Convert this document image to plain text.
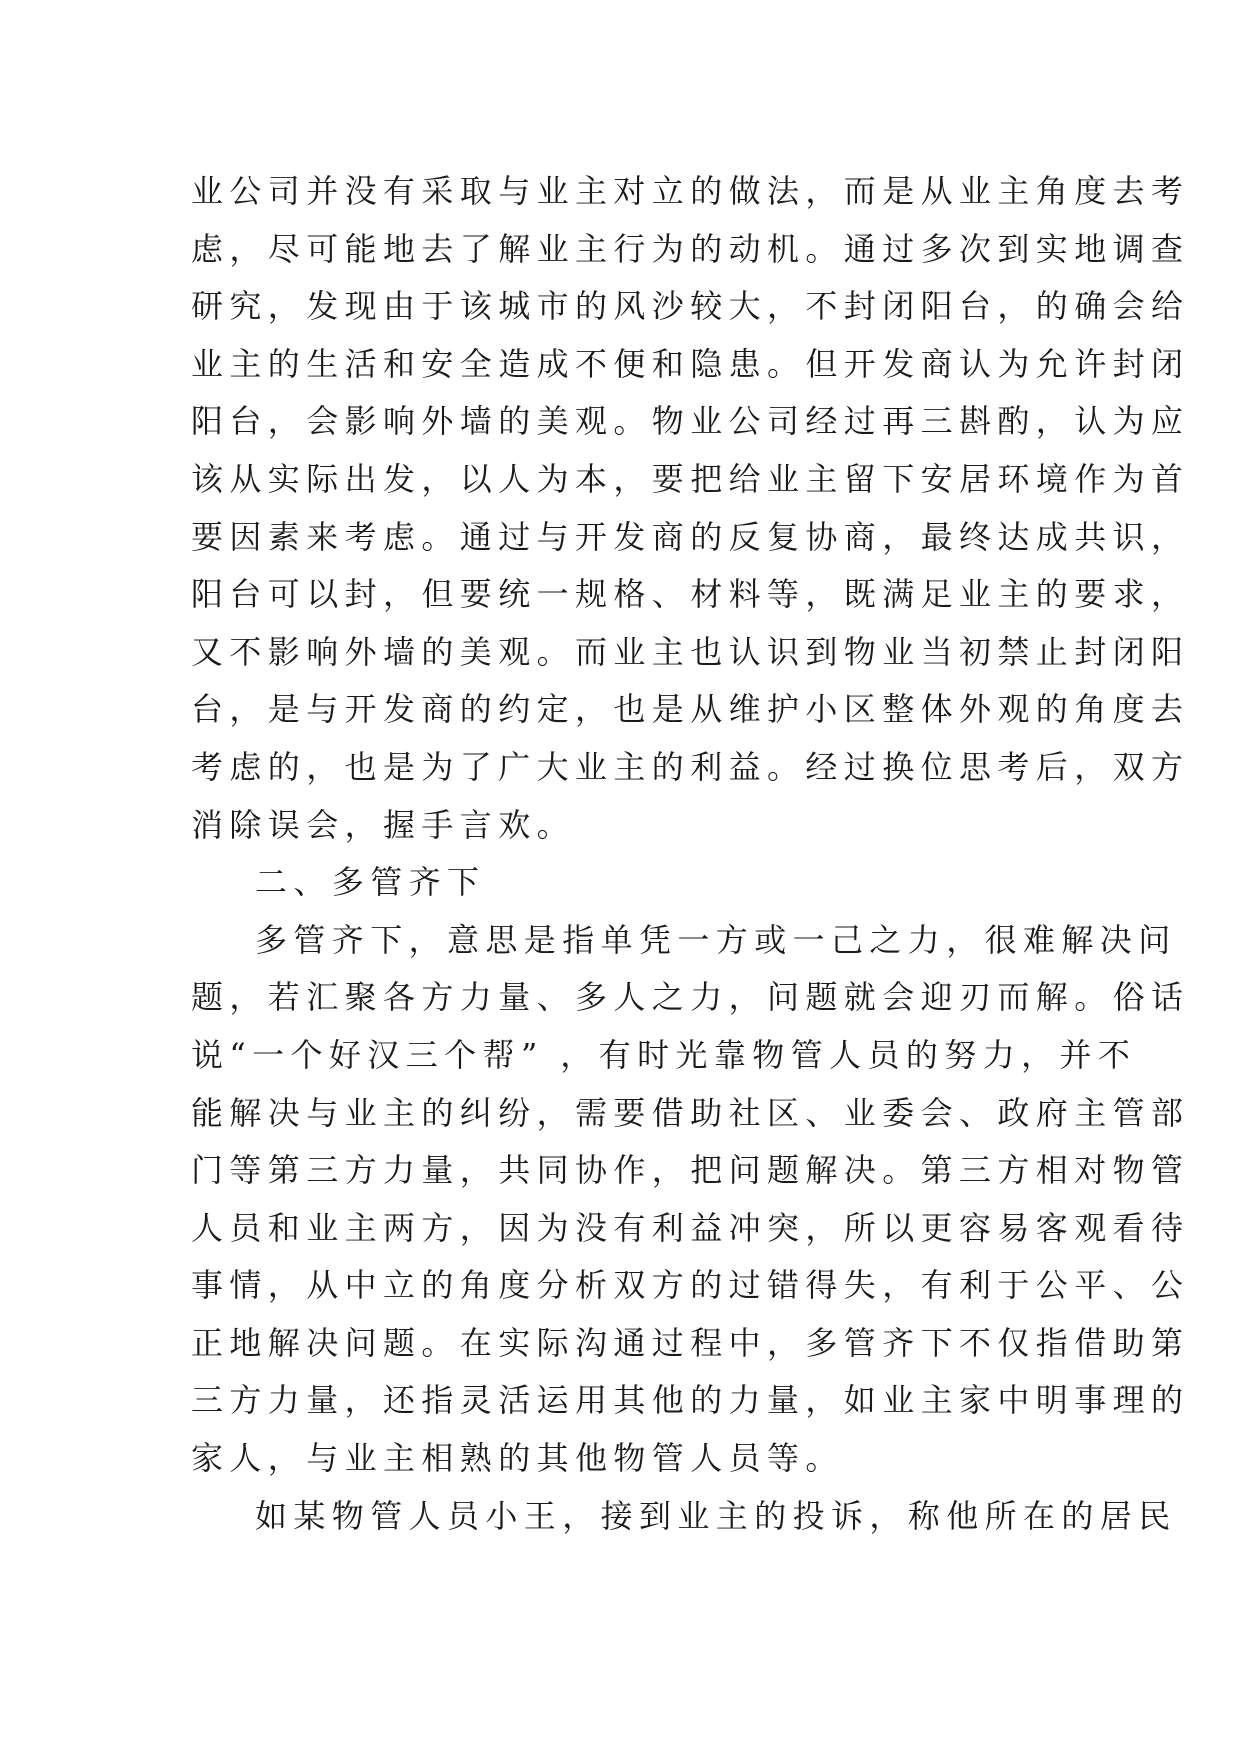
业公司并没有采取与业主对立的做法，而是从业主角度去考
虑，尽可能地去了解业主行为的动机。通过多次到实地调查
研究，发现由于该城市的风沙较大，不封闭阳台，的确会给
业主的生活和安全造成不便和隐患。但开发商认为允许封闭
阳台，会影响外墙的美观。物业公司经过再三斟酌，认为应
该从实际出发，以人为本，要把给业主留下安居环境作为首
要因素来考虑。通过与开发商的反复协商，最终达成共识，
阳台可以封，但要统一规格、材料等，既满足业主的要求，
又不影响外墙的美观。而业主也认识到物业当初禁止封闭阳
台，是与开发商的约定，也是从维护小区整体外观的角度去
考虑的，也是为了广大业主的利益。经过换位思考后，双方
消除误会，握手言欢。
二、多管齐下
多管齐下，意思是指单凭一方或一己之力，很难解决问
题，若汇聚各方力量、多人之力，问题就会迎刃而解。俗话
说“一个好汉三个帮” ，有时光靠物管人员的努力，并不
能解决与业主的纠纷，需要借助社区、业委会、政府主管部
门等第三方力量，共同协作，把问题解决。第三方相对物管
人员和业主两方，因为没有利益冲突，所以更容易客观看待
事情，从中立的角度分析双方的过错得失，有利于公平、公
正地解决问题。在实际沟通过程中，多管齐下不仅指借助第
三方力量，还指灵活运用其他的力量，如业主家中明事理的
家人，与业主相熟的其他物管人员等。
如某物管人员小王，接到业主的投诉，称他所在的居民
